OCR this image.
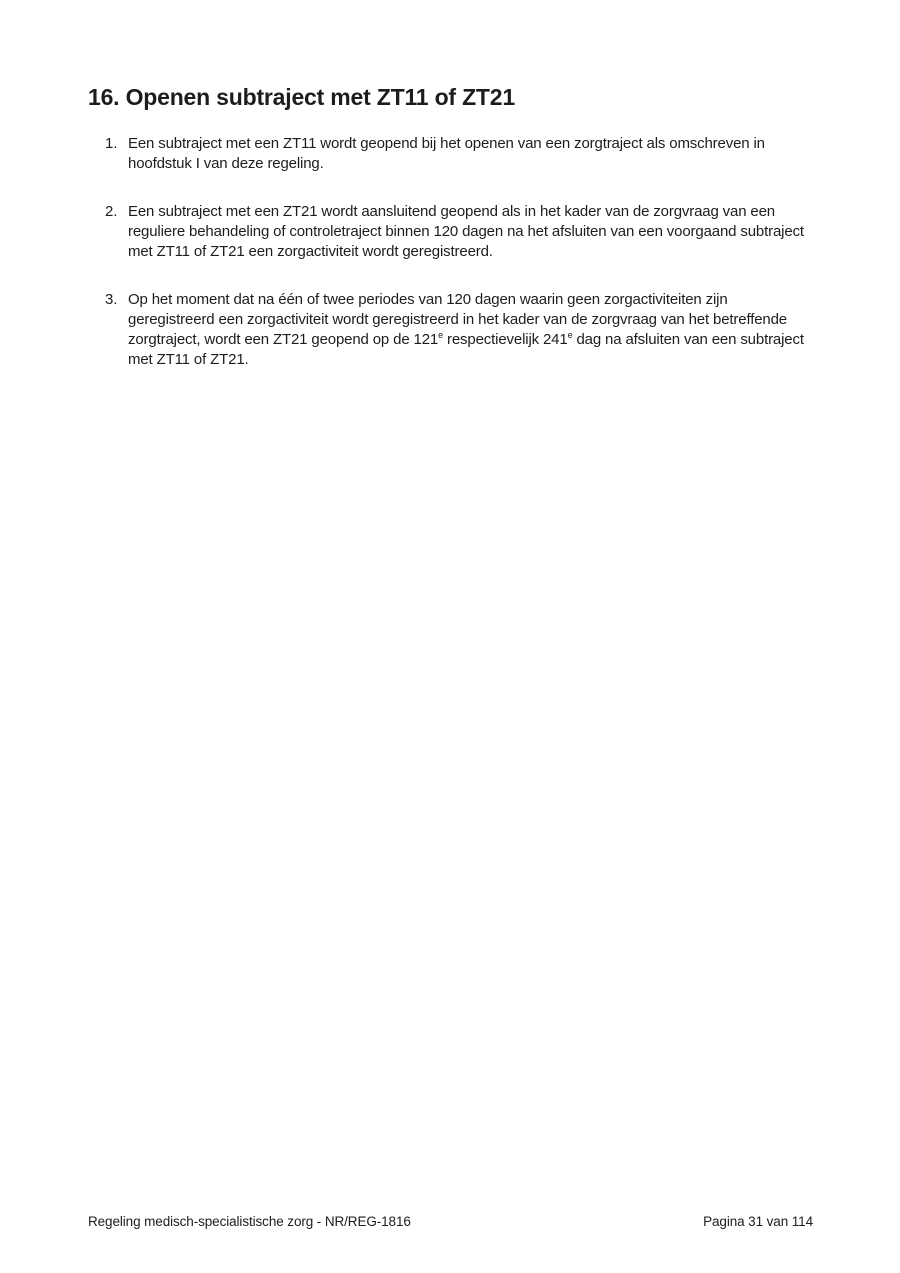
16. Openen subtraject met ZT11 of ZT21
1. Een subtraject met een ZT11 wordt geopend bij het openen van een zorgtraject als omschreven in hoofdstuk I van deze regeling.
2. Een subtraject met een ZT21 wordt aansluitend geopend als in het kader van de zorgvraag van een reguliere behandeling of controletraject binnen 120 dagen na het afsluiten van een voorgaand subtraject met ZT11 of ZT21 een zorgactiviteit wordt geregistreerd.
3. Op het moment dat na één of twee periodes van 120 dagen waarin geen zorgactiviteiten zijn geregistreerd een zorgactiviteit wordt geregistreerd in het kader van de zorgvraag van het betreffende zorgtraject, wordt een ZT21 geopend op de 121e respectievelijk 241e dag na afsluiten van een subtraject met ZT11 of ZT21.
Regeling medisch-specialistische zorg - NR/REG-1816	Pagina 31 van 114
